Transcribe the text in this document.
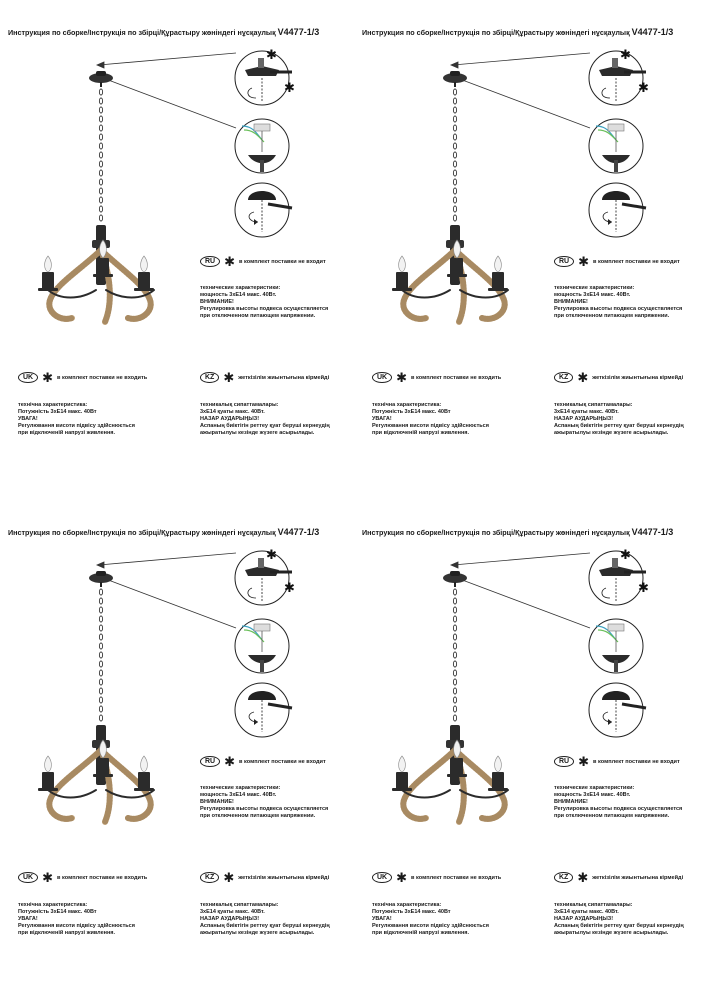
Инструкция по сборке/Інструкція по збірці/Құрастыру жөніндегі нұсқаулық V4477-1/3
✱
✱
RU ✱ в комплект поставки не входит
технические характеристики:
мощность 3хЕ14 макс. 40Вт.
ВНИМАНИЕ!
Регулировка высоты подвеса осуществляется
при отключенном питающем напряжении.
UK ✱ в комплект поставки не входить
технічна характеристика:
Потужність 3хЕ14 макс. 40Вт
УВАГА!
Регулювання висоти підвісу здійснюється
при відключеній напрузі живлення.
KZ ✱ жеткізілім жиынтығына кірмейді
техникалық сипаттамалары:
3хЕ14 қуаты макс. 40Вт.
НАЗАР АУДАРЫҢЫЗ!
Аспаның биіктігін реттеу қуат беруші кернеудің
ажыратылуы кезінде жүзеге асырылады.
Инструкция по сборке/Інструкція по збірці/Құрастыру жөніндегі нұсқаулық V4477-1/3
✱
✱
RU ✱ в комплект поставки не входит
технические характеристики:
мощность 3хЕ14 макс. 40Вт.
ВНИМАНИЕ!
Регулировка высоты подвеса осуществляется
при отключенном питающем напряжении.
UK ✱ в комплект поставки не входить
технічна характеристика:
Потужність 3хЕ14 макс. 40Вт
УВАГА!
Регулювання висоти підвісу здійснюється
при відключеній напрузі живлення.
KZ ✱ жеткізілім жиынтығына кірмейді
техникалық сипаттамалары:
3хЕ14 қуаты макс. 40Вт.
НАЗАР АУДАРЫҢЫЗ!
Аспаның биіктігін реттеу қуат беруші кернеудің
ажыратылуы кезінде жүзеге асырылады.
Инструкция по сборке/Інструкція по збірці/Құрастыру жөніндегі нұсқаулық V4477-1/3
✱
✱
RU ✱ в комплект поставки не входит
технические характеристики:
мощность 3хЕ14 макс. 40Вт.
ВНИМАНИЕ!
Регулировка высоты подвеса осуществляется
при отключенном питающем напряжении.
UK ✱ в комплект поставки не входить
технічна характеристика:
Потужність 3хЕ14 макс. 40Вт
УВАГА!
Регулювання висоти підвісу здійснюється
при відключеній напрузі живлення.
KZ ✱ жеткізілім жиынтығына кірмейді
техникалық сипаттамалары:
3хЕ14 қуаты макс. 40Вт.
НАЗАР АУДАРЫҢЫЗ!
Аспаның биіктігін реттеу қуат беруші кернеудің
ажыратылуы кезінде жүзеге асырылады.
Инструкция по сборке/Інструкція по збірці/Құрастыру жөніндегі нұсқаулық V4477-1/3
✱
✱
RU ✱ в комплект поставки не входит
технические характеристики:
мощность 3хЕ14 макс. 40Вт.
ВНИМАНИЕ!
Регулировка высоты подвеса осуществляется
при отключенном питающем напряжении.
UK ✱ в комплект поставки не входить
технічна характеристика:
Потужність 3хЕ14 макс. 40Вт
УВАГА!
Регулювання висоти підвісу здійснюється
при відключеній напрузі живлення.
KZ ✱ жеткізілім жиынтығына кірмейді
техникалық сипаттамалары:
3хЕ14 қуаты макс. 40Вт.
НАЗАР АУДАРЫҢЫЗ!
Аспаның биіктігін реттеу қуат беруші кернеудің
ажыратылуы кезінде жүзеге асырылады.
